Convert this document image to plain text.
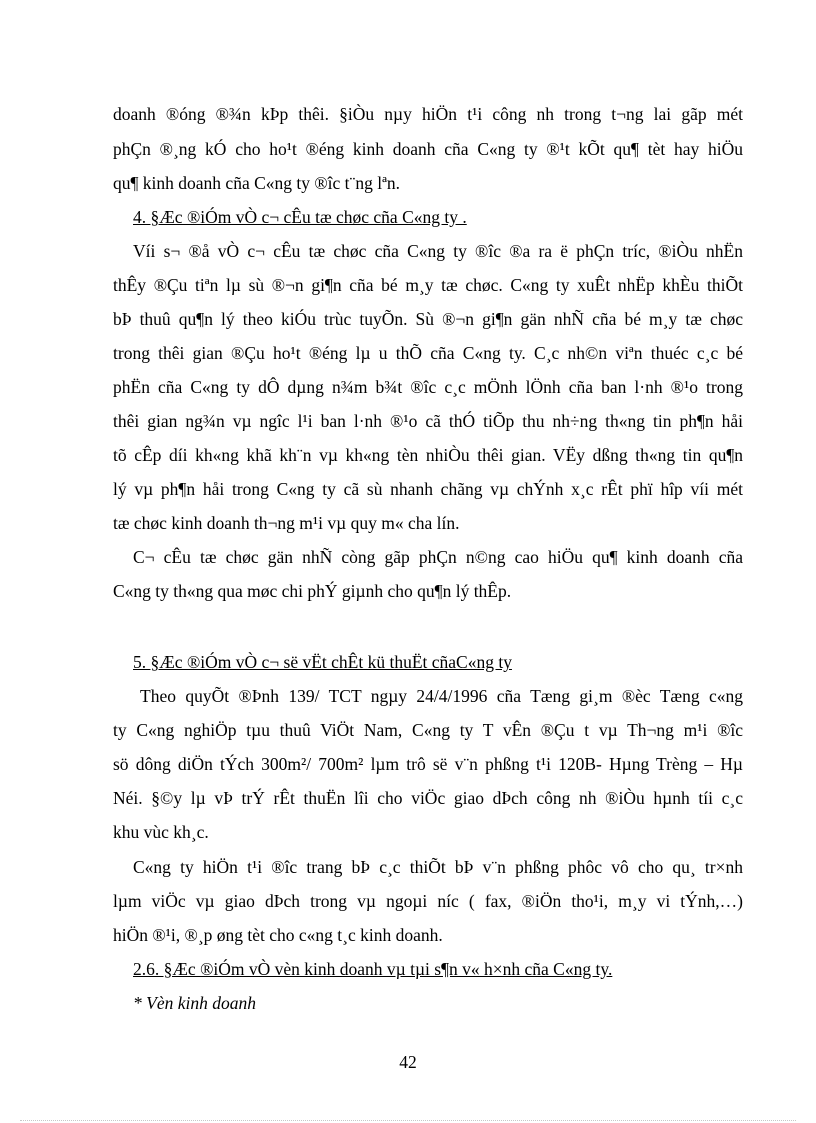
doanh ®óng ®¾n kÞp thêi. §iÒu nµy hiÖn t¹i công nh trong t¬ng lai gãp mét
phÇn ®¸ng kÓ cho ho¹t ®éng kinh doanh cña C«ng ty ®¹t kÕt qu¶ tèt hay hiÖu
qu¶ kinh doanh cña C«ng ty ®îc t¨ng lªn.
4. §Æc ®iÓm vÒ c¬ cÊu tæ chøc cña C«ng ty .
Víi s¬ ®å vÒ c¬ cÊu tæ chøc cña C«ng ty ®îc ®a ra ë phÇn tríc, ®iÒu nhËn
thÊy ®Çu tiªn lµ sù ®¬n gi¶n cña bé m¸y tæ chøc. C«ng ty xuÊt nhËp khÈu thiÕt
bÞ thuû qu¶n lý theo kiÓu trùc tuyÕn. Sù ®¬n gi¶n gän nhÑ cña bé m¸y tæ chøc
trong thêi gian ®Çu ho¹t ®éng lµ u thÕ cña C«ng ty. C¸c nh©n viªn thuéc c¸c bé
phËn cña C«ng ty dÔ dµng n¾m b¾t ®îc c¸c mÖnh lÖnh cña ban l·nh ®¹o trong
thêi gian ng¾n vµ ngîc l¹i ban l·nh ®¹o cã thÓ tiÕp thu nh÷ng th«ng tin ph¶n håi
tõ cÊp díi kh«ng khã kh¨n vµ kh«ng tèn nhiÒu thêi gian. VËy dßng th«ng tin qu¶n
lý vµ ph¶n håi trong C«ng ty cã sù nhanh chãng vµ chÝnh x¸c rÊt phï hîp víi mét
tæ chøc kinh doanh th¬ng m¹i vµ quy m« cha lín.
C¬ cÊu tæ chøc gän nhÑ còng gãp phÇn n©ng cao hiÖu qu¶ kinh doanh cña
C«ng ty th«ng qua møc chi phÝ giµnh cho qu¶n lý thÊp.
5. §Æc ®iÓm vÒ c¬ së vËt chÊt kü thuËt cñaC«ng ty
Theo quyÕt ®Þnh 139/ TCT ngµy 24/4/1996 cña Tæng gi¸m ®èc Tæng c«ng
ty C«ng nghiÖp tµu thuû ViÖt Nam, C«ng ty T vÊn ®Çu t vµ Th¬ng m¹i ®îc
sö dông diÖn tÝch 300m²/ 700m² lµm trô së v¨n phßng t¹i 120B- Hµng Trèng – Hµ
Néi. §©y lµ vÞ trÝ rÊt thuËn lîi cho viÖc giao dÞch công nh ®iÒu hµnh tíi c¸c
khu vùc kh¸c.
C«ng ty hiÖn t¹i ®îc trang bÞ c¸c thiÕt bÞ v¨n phßng phôc vô cho qu¸ tr×nh
lµm viÖc vµ giao dÞch trong vµ ngoµi níc ( fax, ®iÖn tho¹i, m¸y vi tÝnh,…)
hiÖn ®¹i, ®¸p øng tèt cho c«ng t¸c kinh doanh.
2.6. §Æc ®iÓm vÒ vèn kinh doanh vµ tµi s¶n v« h×nh cña C«ng ty.
* Vèn kinh doanh
42
